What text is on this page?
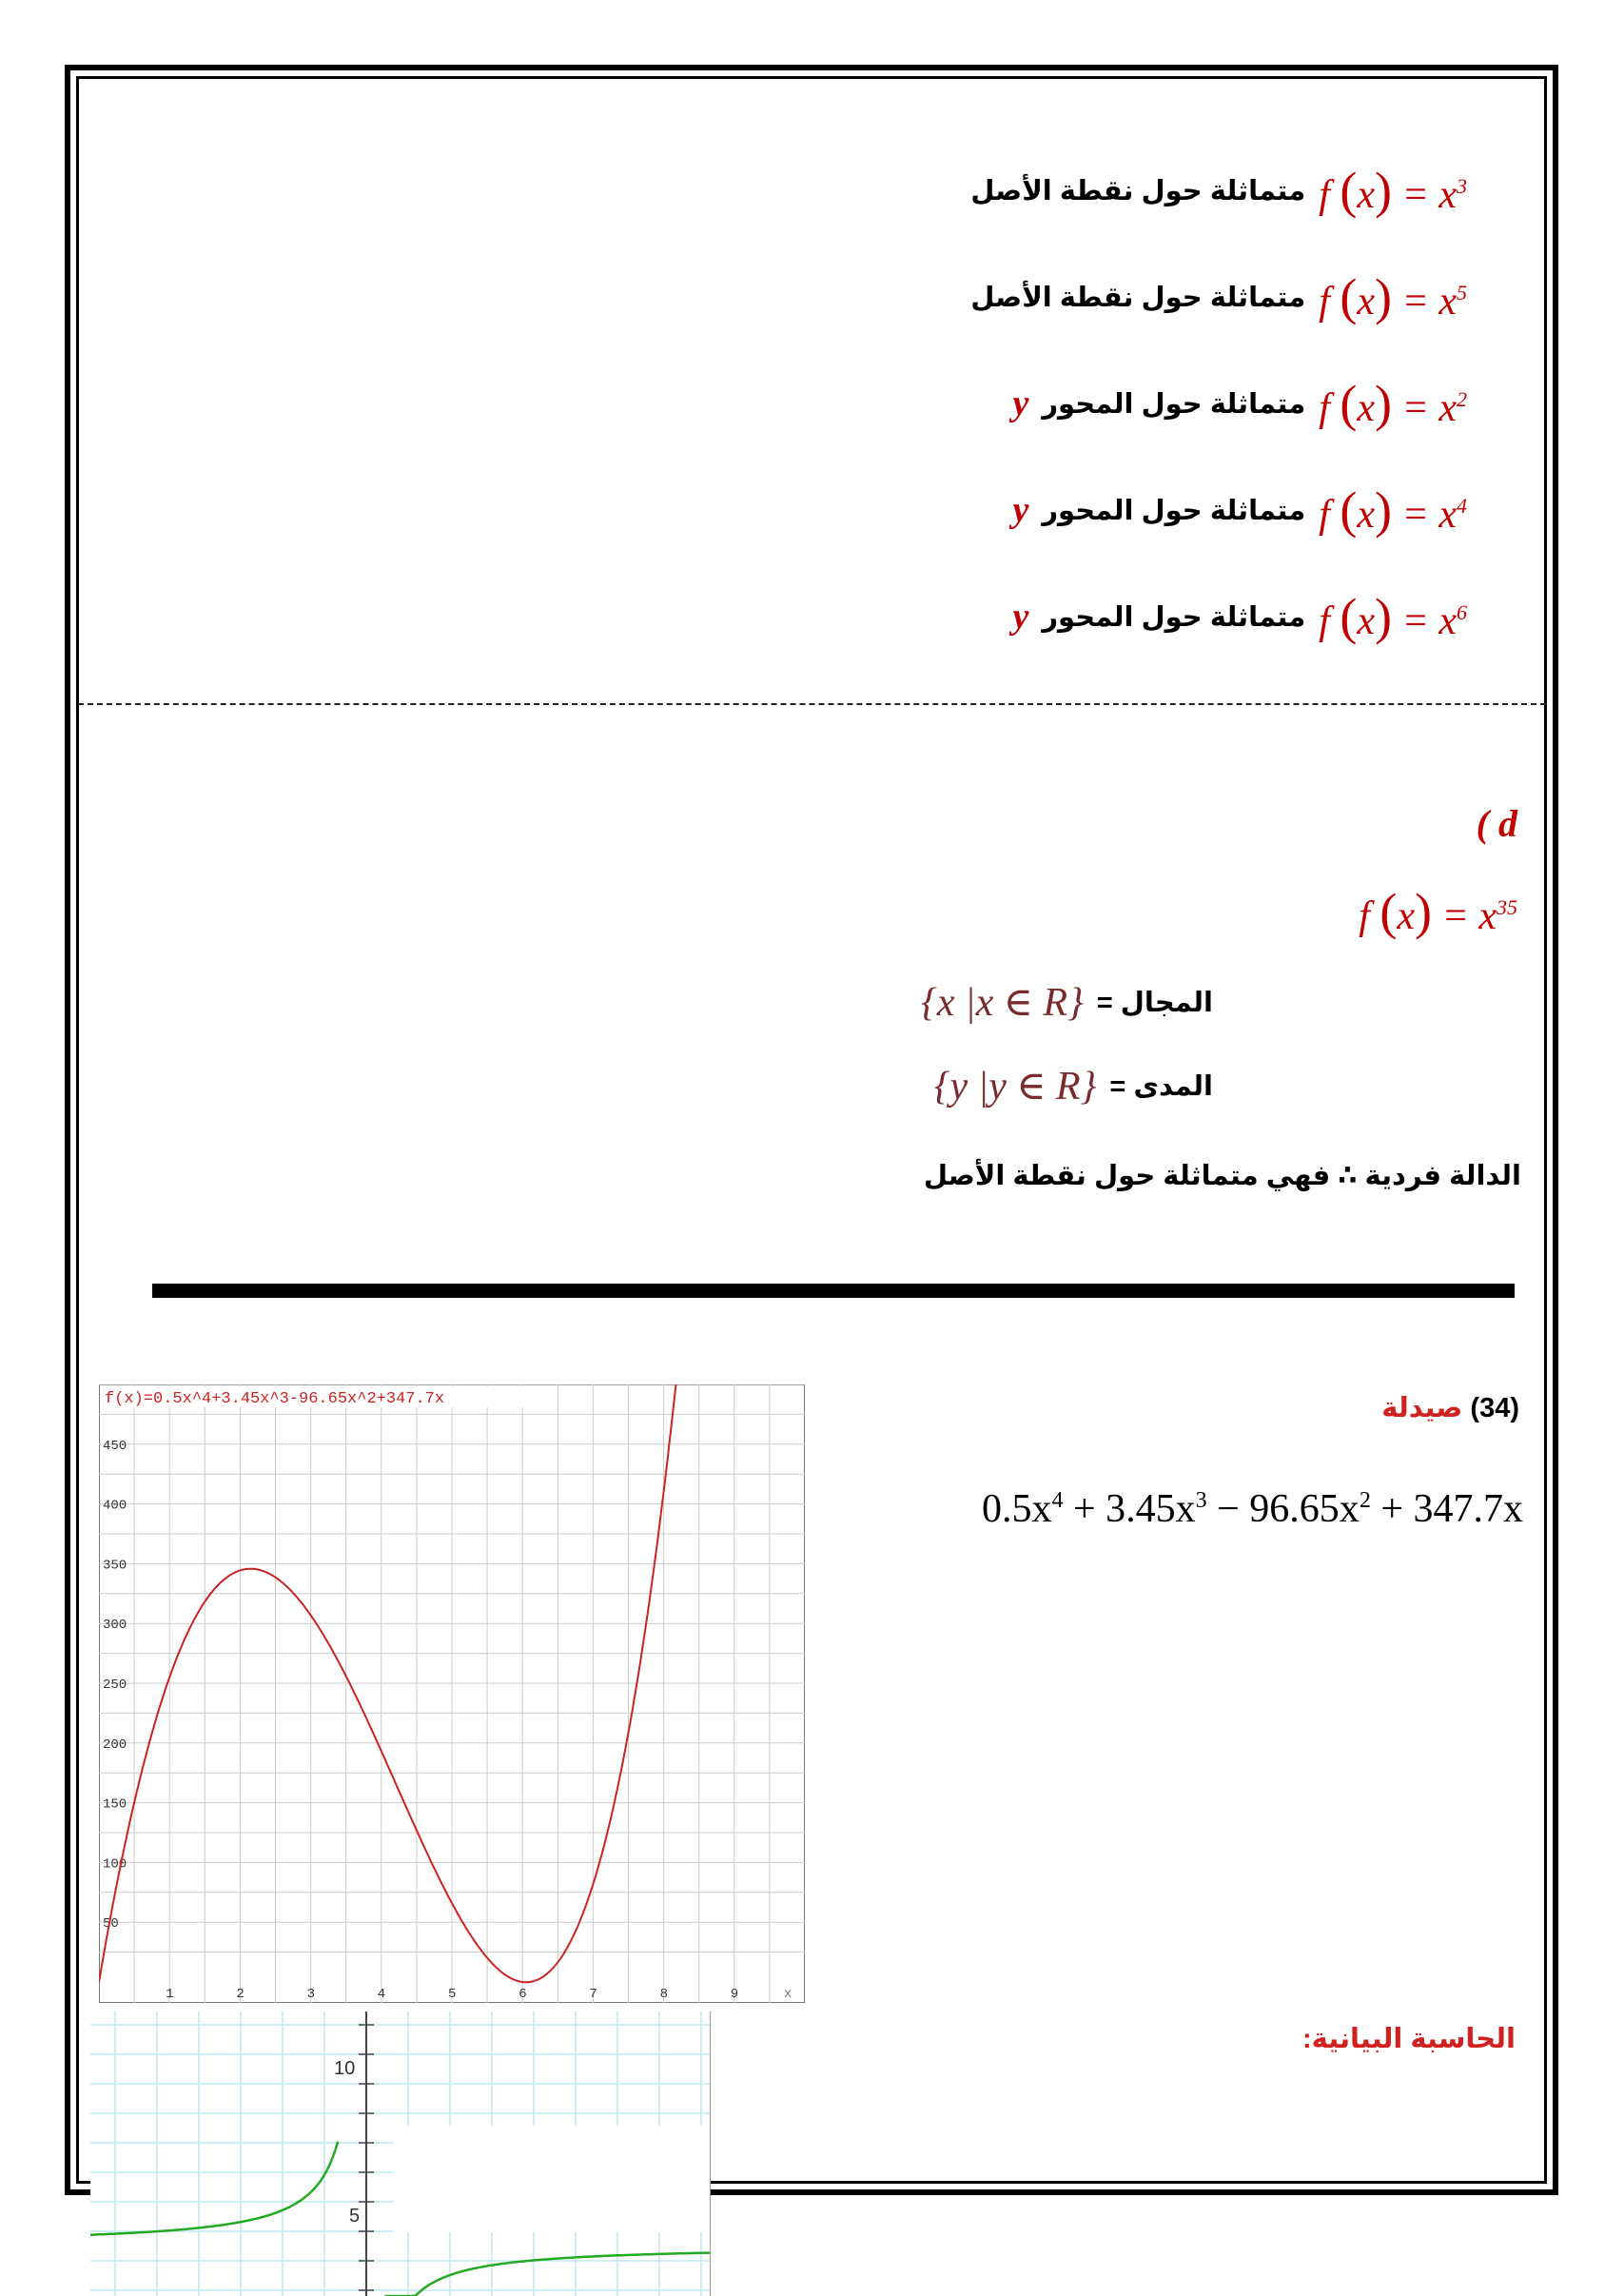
f $(x) = x^3$
متماثلة حول نقطة الأصل
f $(x) = x^5$
متماثلة حول نقطة الأصل
f $(x) = x^2$
متماثلة حول المحور
y
f $(x) = x^4$
متماثلة حول المحور
y
f $(x) = x^6$
متماثلة حول المحور
y
( d
f $(x) = x^{35}$
المجال =
{x |x ∈ R}
المدى =
{y |y ∈ R}
الدالة فردية ∴ فهي متماثلة حول نقطة الأصل
(34) صيدلة
$0.5x^4 + 3.45x^3 - 96.65x^2 + 347.7x$
الحاسبة البيانية:
1	2	3	4	5	6	7	8	9	x
450
400
350
300
250
200
150
100
50
f(x)=0.5x^4+3.45x^3-96.65x^2+347.7x
10
5
